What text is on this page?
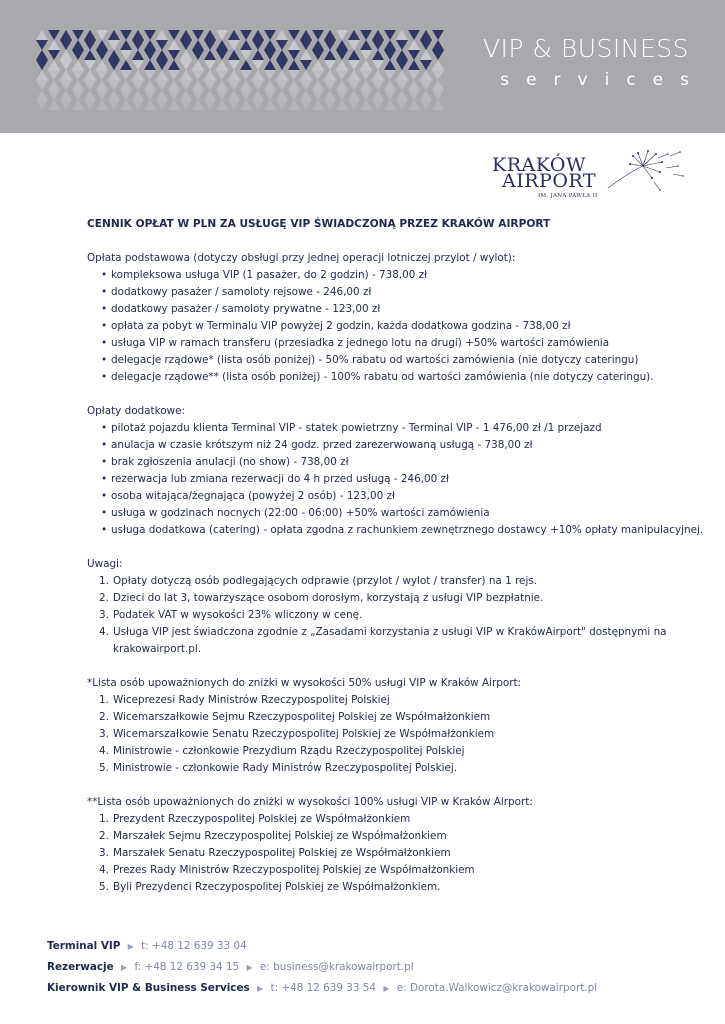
VIP & BUSINESS
services
KRAKÓW
AIRPORT
IM. JANA PAWŁA II
CENNIK OPŁAT W PLN ZA USŁUGĘ VIP ŚWIADCZONĄ PRZEZ KRAKÓW AIRPORT
Opłata podstawowa (dotyczy obsługi przy jednej operacji lotniczej przylot / wylot):
• kompleksowa usługa VIP (1 pasażer, do 2 godzin) - 738,00 zł
• dodatkowy pasażer / samoloty rejsowe - 246,00 zł
• dodatkowy pasażer / samoloty prywatne - 123,00 zł
• opłata za pobyt w Terminalu VIP powyżej 2 godzin, każda dodatkowa godzina - 738,00 zł
• usługa VIP w ramach transferu (przesiadka z jednego lotu na drugi) +50% wartości zamówienia
• delegacje rządowe* (lista osób poniżej) - 50% rabatu od wartości zamówienia (nie dotyczy cateringu)
• delegacje rządowe** (lista osób poniżej) - 100% rabatu od wartości zamówienia (nie dotyczy cateringu).
Opłaty dodatkowe:
• pilotaż pojazdu klienta Terminal VIP - statek powietrzny - Terminal VIP - 1 476,00 zł /1 przejazd
• anulacja w czasie krótszym niż 24 godz. przed zarezerwowaną usługą - 738,00 zł
• brak zgłoszenia anulacji (no show) - 738,00 zł
• rezerwacja lub zmiana rezerwacji do 4 h przed usługą - 246,00 zł
• osoba witająca/żegnająca (powyżej 2 osób) - 123,00 zł
• usługa w godzinach nocnych (22:00 - 06:00) +50% wartości zamówienia
• usługa dodatkowa (catering) - opłata zgodna z rachunkiem zewnętrznego dostawcy +10% opłaty manipulacyjnej.
Uwagi:
1. Opłaty dotyczą osób podlegających odprawie (przylot / wylot / transfer) na 1 rejs.
2. Dzieci do lat 3, towarzyszące osobom dorosłym, korzystają z usługi VIP bezpłatnie.
3. Podatek VAT w wysokości 23% wliczony w cenę.
4. Usługa VIP jest świadczona zgodnie z „Zasadami korzystania z usługi VIP w KrakówAirport" dostępnymi na krakowairport.pl.
*Lista osób upoważnionych do zniżki w wysokości 50% usługi VIP w Kraków Airport:
1. Wiceprezesi Rady Ministrów Rzeczypospolitej Polskiej
2. Wicemarszałkowie Sejmu Rzeczypospolitej Polskiej ze Współmałżonkiem
3. Wicemarszałkowie Senatu Rzeczypospolitej Polskiej ze Współmałżonkiem
4. Ministrowie - członkowie Prezydium Rządu Rzeczypospolitej Polskiej
5. Ministrowie - członkowie Rady Ministrów Rzeczypospolitej Polskiej.
**Lista osób upoważnionych do zniżki w wysokości 100% usługi VIP w Kraków Airport:
1. Prezydent Rzeczypospolitej Polskiej ze Współmałżonkiem
2. Marszałek Sejmu Rzeczypospolitej Polskiej ze Współmałżonkiem
3. Marszałek Senatu Rzeczypospolitej Polskiej ze Współmałżonkiem
4. Prezes Rady Ministrów Rzeczypospolitej Polskiej ze Współmałżonkiem
5. Byli Prezydenci Rzeczypospolitej Polskiej ze Współmałżonkiem.
Terminal VIP ▶ t: +48 12 639 33 04
Rezerwacje ▶ f: +48 12 639 34 15 ▶ e: business@krakowairport.pl
Kierownik VIP & Business Services ▶ t: +48 12 639 33 54 ▶ e: Dorota.Walkowicz@krakowairport.pl
